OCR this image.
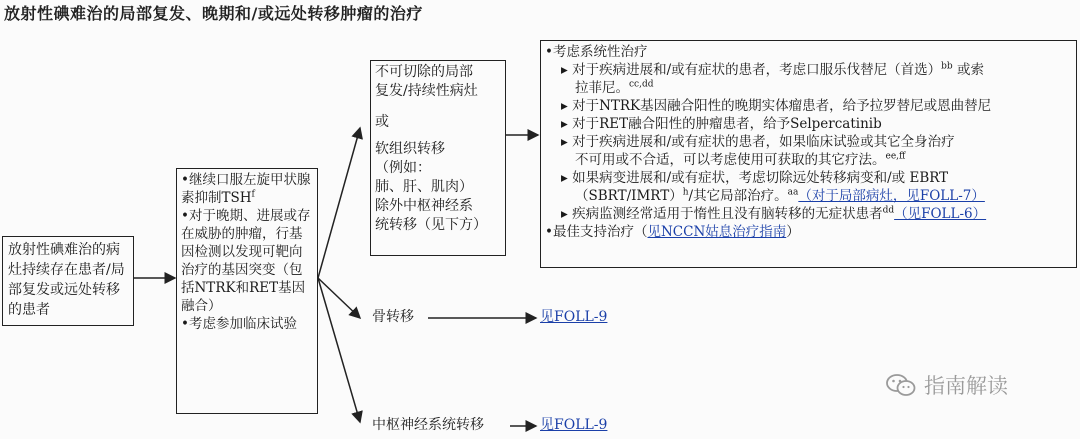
放射性碘难治的局部复发、晚期和/或远处转移肿瘤的治疗
放射性碘难治的病灶持续存在患者/局部复发或远处转移的患者
•继续口服左旋甲状腺素抑制TSH$^f$
•对于晚期、进展或存在威胁的肿瘤，行基因检测以发现可靶向治疗的基因突变（包括NTRK和RET基因融合）
•考虑参加临床试验
不可切除的局部
复发/持续性病灶
或
软组织转移
（例如：
肺、肝、肌肉）
除外中枢神经系
统转移（见下方）
骨转移	见FOLL-9
中枢神经系统转移	见FOLL-9
•考虑系统性治疗
▸ 对于疾病进展和/或有症状的患者，考虑口服乐伐替尼（首选）$^{bb}$ 或索
拉菲尼。$^{cc,dd}$
▸ 对于NTRK基因融合阳性的晚期实体瘤患者，给予拉罗替尼或恩曲替尼
▸ 对于RET融合阳性的肿瘤患者，给予Selpercatinib
▸ 对于疾病进展和/或有症状的患者，如果临床试验或其它全身治疗
不可用或不合适，可以考虑使用可获取的其它疗法。$^{ee,ff}$
▸ 如果病变进展和/或有症状，考虑切除远处转移病变和/或 EBRT
（SBRT/IMRT）$^h$/其它局部治疗。$^{aa}$（对于局部病灶，见FOLL-7）
▸ 疾病监测经常适用于惰性且没有脑转移的无症状患者$^{dd}$（见FOLL-6）
•最佳支持治疗（见NCCN姑息治疗指南）
指南解读
